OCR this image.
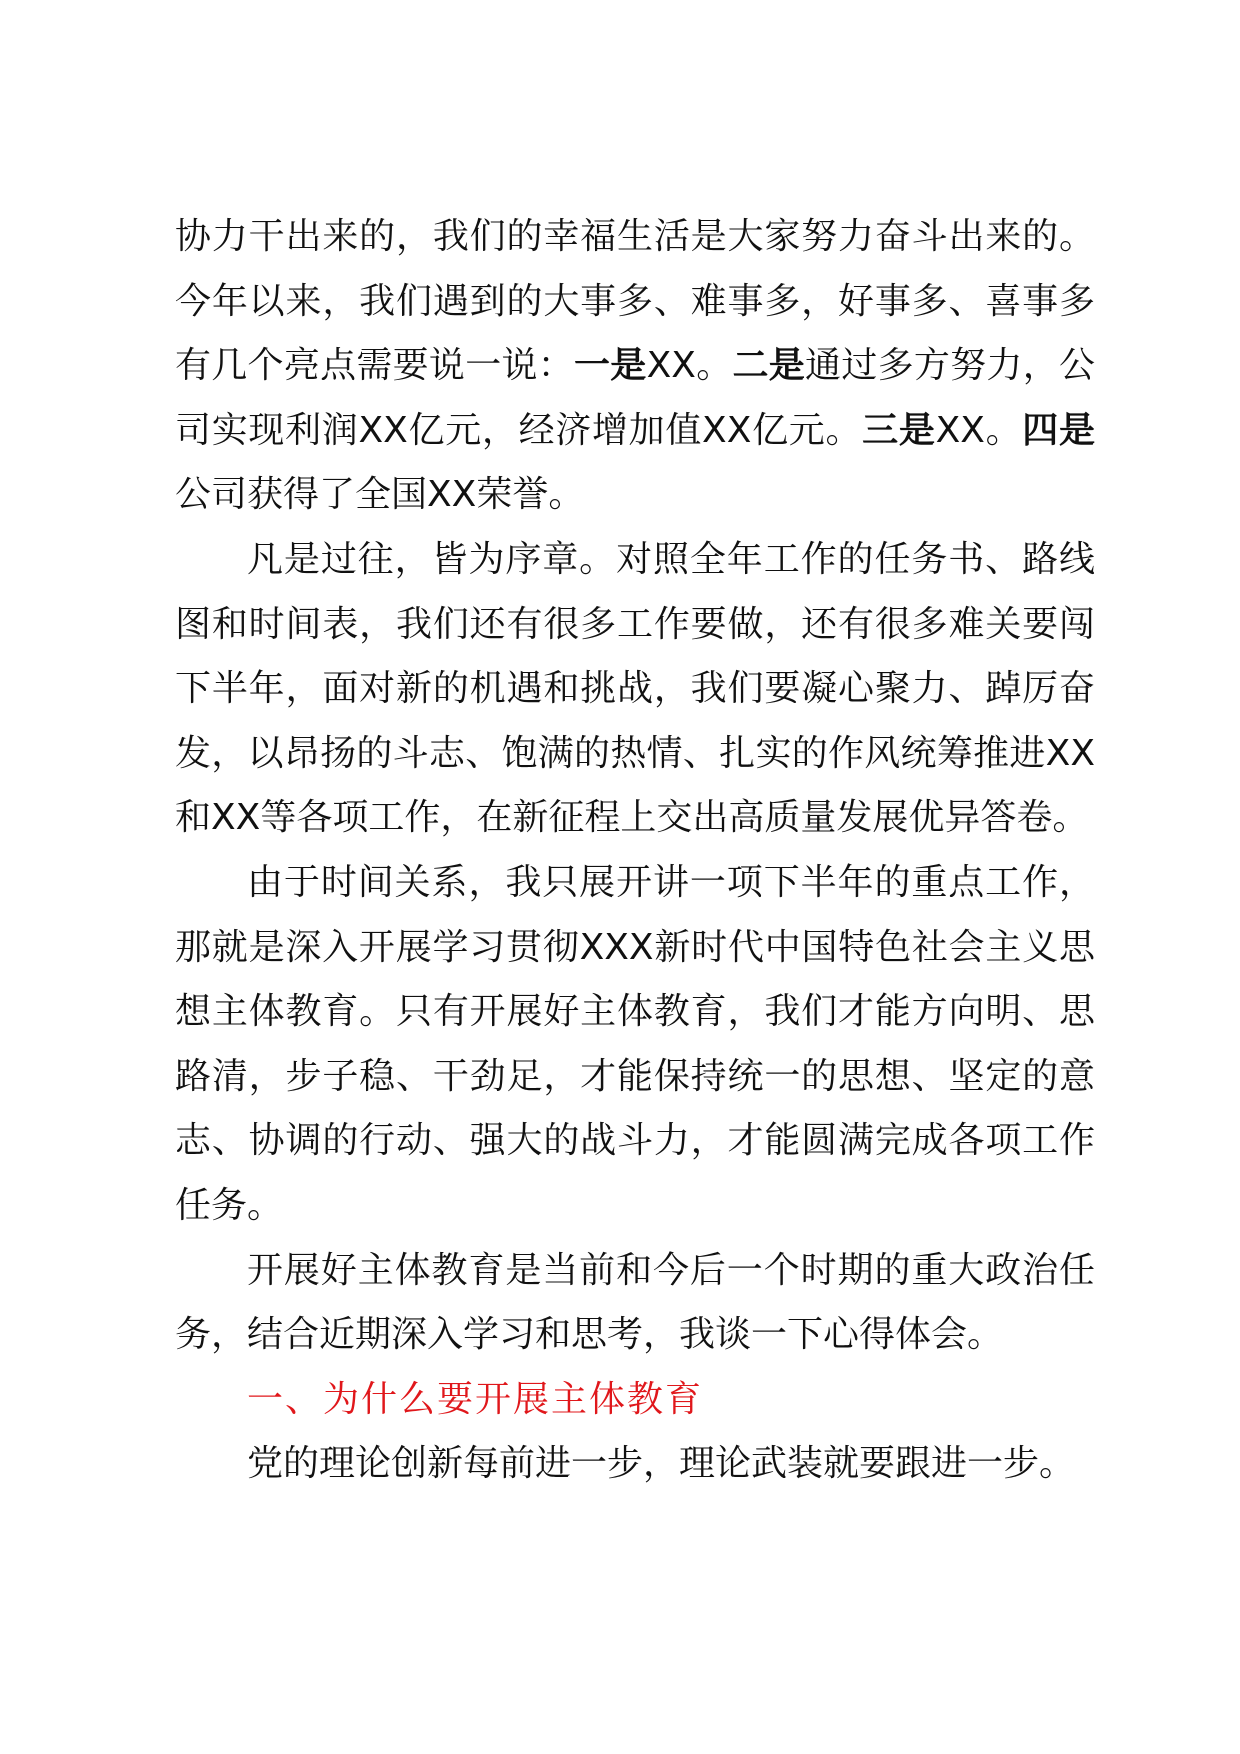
协力干出来的，我们的幸福生活是大家努力奋斗出来的。今年以来，我们遇到的大事多、难事多，好事多、喜事多有几个亮点需要说一说：一是XX。二是通过多方努力，公司实现利润XX亿元，经济增加值XX亿元。三是XX。四是公司获得了全国XX荣誉。

凡是过往，皆为序章。对照全年工作的任务书、路线图和时间表，我们还有很多工作要做，还有很多难关要闯下半年，面对新的机遇和挑战，我们要凝心聚力、踔厉奋发，以昂扬的斗志、饱满的热情、扎实的作风统筹推进XX和XX等各项工作，在新征程上交出高质量发展优异答卷。

由于时间关系，我只展开讲一项下半年的重点工作，那就是深入开展学习贯彻XXX新时代中国特色社会主义思想主体教育。只有开展好主体教育，我们才能方向明、思路清，步子稳、干劲足，才能保持统一的思想、坚定的意志、协调的行动、强大的战斗力，才能圆满完成各项工作任务。

开展好主体教育是当前和今后一个时期的重大政治任务，结合近期深入学习和思考，我谈一下心得体会。

一、为什么要开展主体教育

党的理论创新每前进一步，理论武装就要跟进一步。
